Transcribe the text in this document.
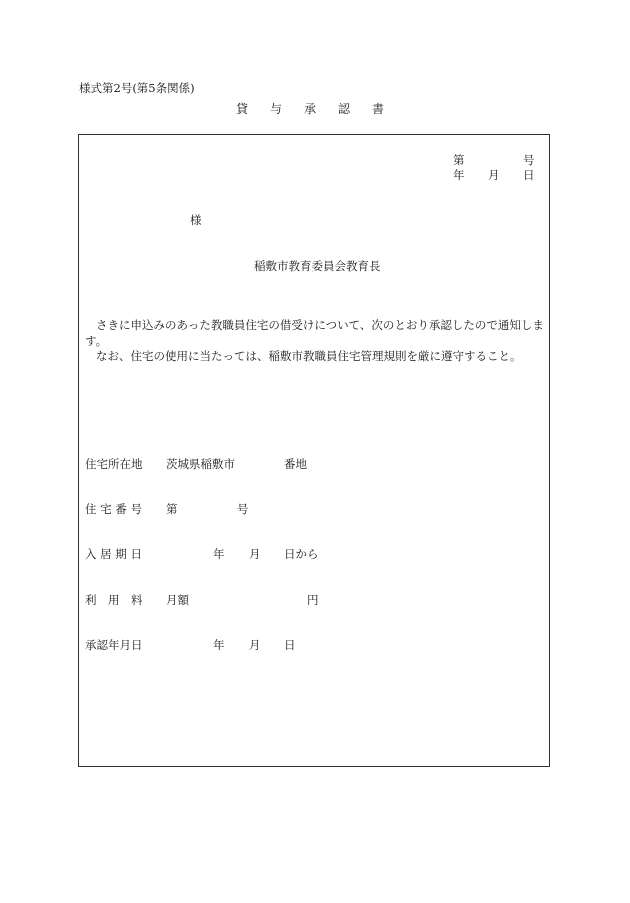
様式第2号(第5条関係)
貸与承認書
第	号
年 月 日
様
稲敷市教育委員会教育長
さきに申込みのあった教職員住宅の借受けについて、次のとおり承認したので通知します。
なお、住宅の使用に当たっては、稲敷市教職員住宅管理規則を厳に遵守すること。
住宅所在地 茨城県稲敷市	番地
住 宅 番 号 第	号
入 居 期 日	年 月 日から
利　用　料 月額	円
承認年月日	年 月 日
